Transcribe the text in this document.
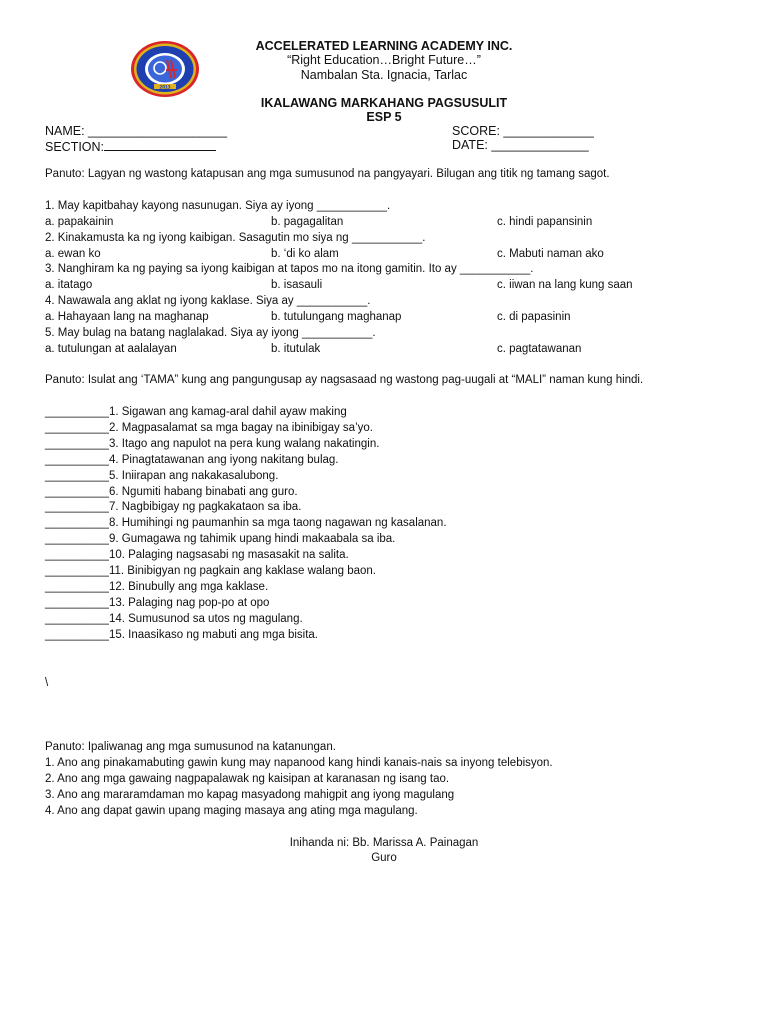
2013
ACCELERATED LEARNING ACADEMY INC.
“Right Education…Bright Future…”
Nambalan Sta. Ignacia, Tarlac
IKALAWANG MARKAHANG PAGSUSULIT
ESP 5
NAME: ____________________	SCORE: _____________
SECTION:	DATE: ______________
Panuto: Lagyan ng wastong katapusan ang mga sumusunod na pangyayari. Bilugan ang titik ng tamang sagot.
1. May kapitbahay kayong nasunugan. Siya ay iyong ___________.
a. papakainin	b. pagagalitan	c. hindi papansinin
2. Kinakamusta ka ng iyong kaibigan. Sasagutin mo siya ng ___________.
a. ewan ko	b. ‘di ko alam	c. Mabuti naman ako
3. Nanghiram ka ng paying sa iyong kaibigan at tapos mo na itong gamitin. Ito ay ___________.
a. itatago	b. isasauli	c. iiwan na lang kung saan
4. Nawawala ang aklat ng iyong kaklase. Siya ay ___________.
a. Hahayaan lang na maghanap	b. tutulungang maghanap	c. di papasinin
5. May bulag na batang naglalakad. Siya ay iyong ___________.
a. tutulungan at aalalayan	b. itutulak	c. pagtatawanan
Panuto: Isulat ang ‘TAMA” kung ang pangungusap ay nagsasaad ng wastong pag-uugali at “MALI” naman kung hindi.
__________1. Sigawan ang kamag-aral dahil ayaw making
__________2. Magpasalamat sa mga bagay na ibinibigay sa’yo.
__________3. Itago ang napulot na pera kung walang nakatingin.
__________4. Pinagtatawanan ang iyong nakitang bulag.
__________5. Iniirapan ang nakakasalubong.
__________6. Ngumiti habang binabati ang guro.
__________7. Nagbibigay ng pagkakataon sa iba.
__________8. Humihingi ng paumanhin sa mga taong nagawan ng kasalanan.
__________9. Gumagawa ng tahimik upang hindi makaabala sa iba.
__________10. Palaging nagsasabi ng masasakit na salita.
__________11. Binibigyan ng pagkain ang kaklase walang baon.
__________12. Binubully ang mga kaklase.
__________13. Palaging nag pop-po at opo
__________14. Sumusunod sa utos ng magulang.
__________15. Inaasikaso ng mabuti ang mga bisita.
\
Panuto: Ipaliwanag ang mga sumusunod na katanungan.
1. Ano ang pinakamabuting gawin kung may napanood kang hindi kanais-nais sa inyong telebisyon.
2. Ano ang mga gawaing nagpapalawak ng kaisipan at karanasan ng isang tao.
3. Ano ang mararamdaman mo kapag masyadong mahigpit ang iyong magulang
4. Ano ang dapat gawin upang maging masaya ang ating mga magulang.
Inihanda ni: Bb. Marissa A. Painagan
Guro
